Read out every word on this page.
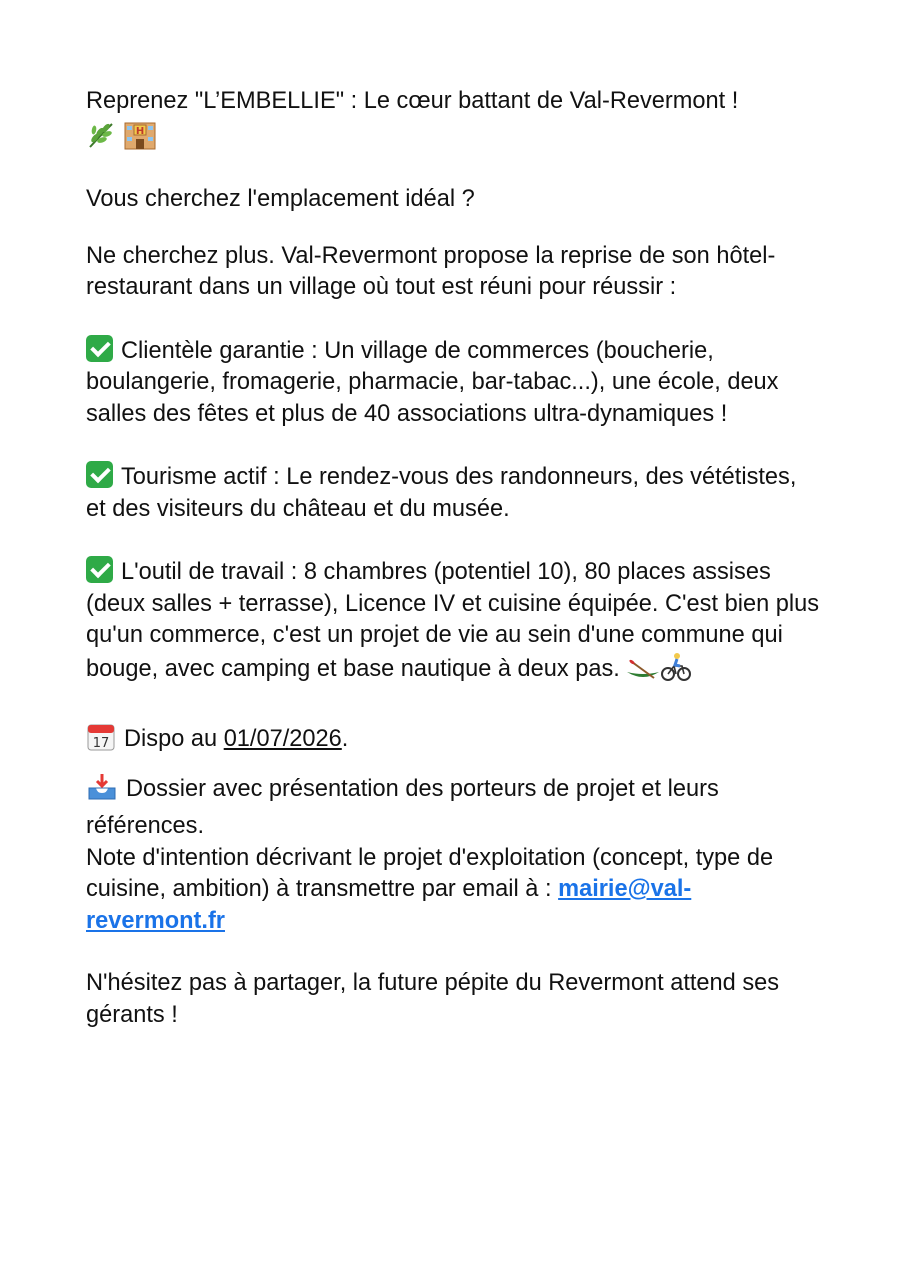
Reprenez "L’EMBELLIE" : Le cœur battant de Val-Revermont !

H

Vous cherchez l'emplacement idéal ?

Ne cherchez plus. Val-Revermont propose la reprise de son hôtel-restaurant dans un village où tout est réuni pour réussir :

Clientèle garantie : Un village de commerces (boucherie, boulangerie, fromagerie, pharmacie, bar-tabac...), une école, deux salles des fêtes et plus de 40 associations ultra-dynamiques !

Tourisme actif : Le rendez-vous des randonneurs, des vététistes, et des visiteurs du château et du musée.

L'outil de travail : 8 chambres (potentiel 10), 80 places assises (deux salles + terrasse), Licence IV et cuisine équipée. C'est bien plus qu'un commerce, c'est un projet de vie au sein d'une commune qui bouge, avec camping et base nautique à deux pas.

17 Dispo au 01/07/2026.

Dossier avec présentation des porteurs de projet et leurs références.

Note d'intention décrivant le projet d'exploitation (concept, type de cuisine, ambition) à transmettre par email à : mairie@val-revermont.fr

N'hésitez pas à partager, la future pépite du Revermont attend ses gérants !
